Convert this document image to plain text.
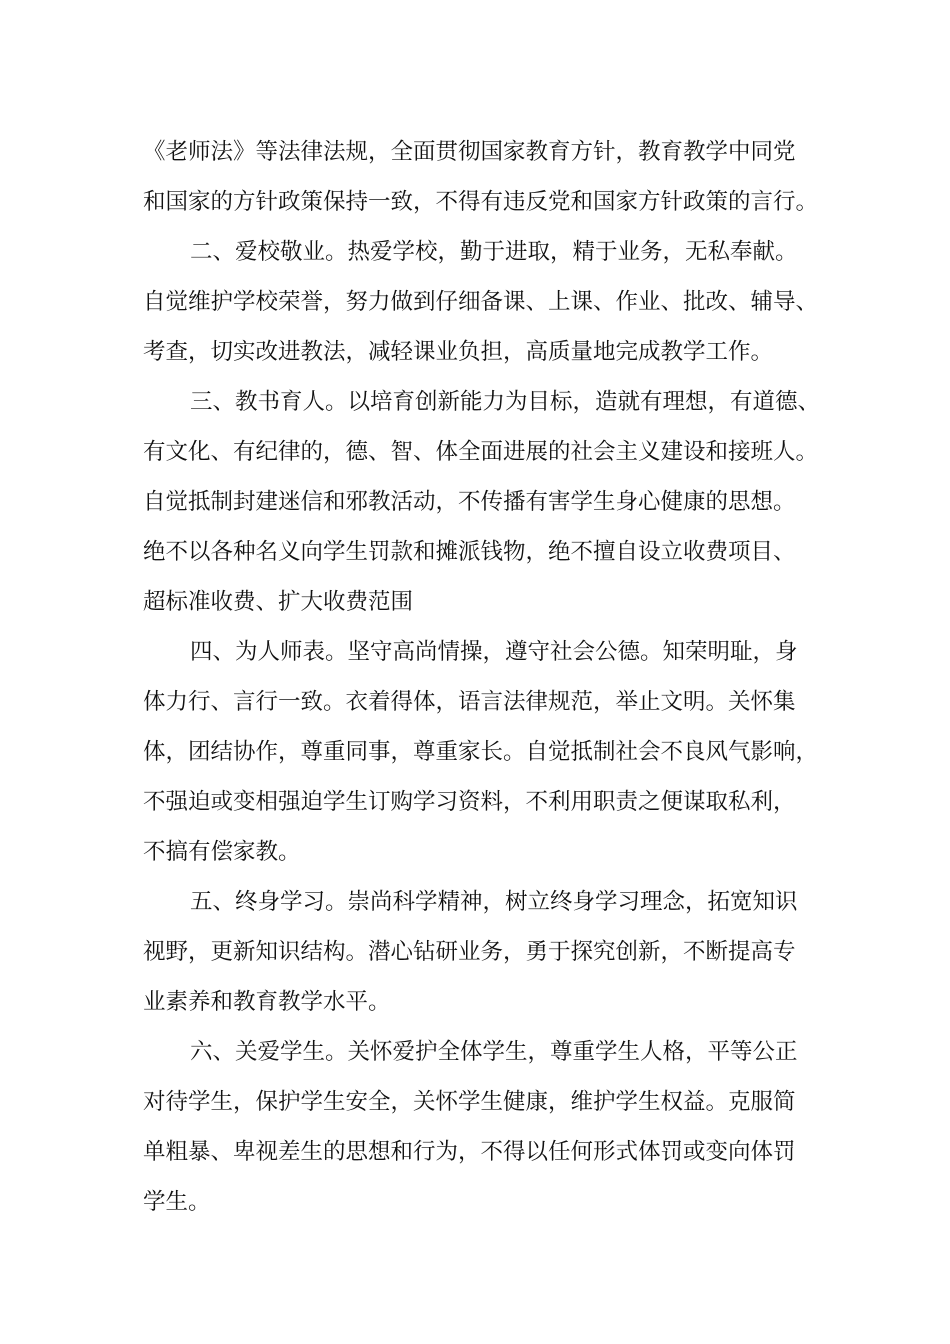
《老师法》等法律法规，全面贯彻国家教育方针，教育教学中同党
和国家的方针政策保持一致，不得有违反党和国家方针政策的言行。
二、爱校敬业。热爱学校，勤于进取，精于业务，无私奉献。
自觉维护学校荣誉，努力做到仔细备课、上课、作业、批改、辅导、
考查，切实改进教法，减轻课业负担，高质量地完成教学工作。
三、教书育人。以培育创新能力为目标，造就有理想，有道德、
有文化、有纪律的，德、智、体全面进展的社会主义建设和接班人。
自觉抵制封建迷信和邪教活动，不传播有害学生身心健康的思想。
绝不以各种名义向学生罚款和摊派钱物，绝不擅自设立收费项目、
超标准收费、扩大收费范围
四、为人师表。坚守高尚情操，遵守社会公德。知荣明耻，身
体力行、言行一致。衣着得体，语言法律规范，举止文明。关怀集
体，团结协作，尊重同事，尊重家长。自觉抵制社会不良风气影响，
不强迫或变相强迫学生订购学习资料，不利用职责之便谋取私利，
不搞有偿家教。
五、终身学习。崇尚科学精神，树立终身学习理念，拓宽知识
视野，更新知识结构。潜心钻研业务，勇于探究创新，不断提高专
业素养和教育教学水平。
六、关爱学生。关怀爱护全体学生，尊重学生人格，平等公正
对待学生，保护学生安全，关怀学生健康，维护学生权益。克服简
单粗暴、卑视差生的思想和行为，不得以任何形式体罚或变向体罚
学生。
